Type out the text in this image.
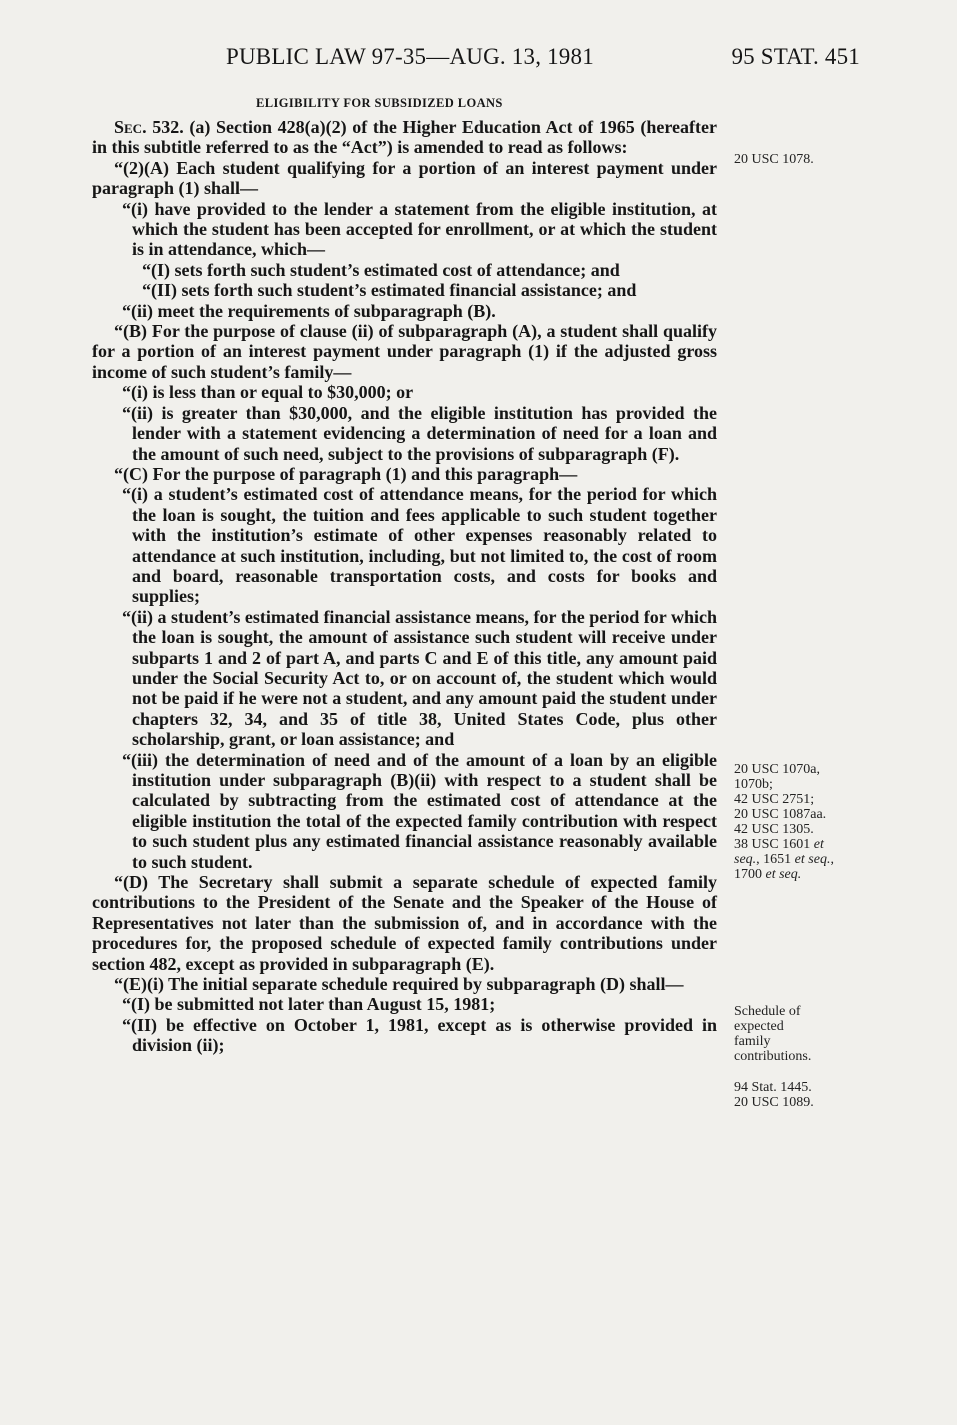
PUBLIC LAW 97-35—AUG. 13, 1981	95 STAT. 451
ELIGIBILITY FOR SUBSIDIZED LOANS

Sec. 532. (a) Section 428(a)(2) of the Higher Education Act of 1965 (hereafter in this subtitle referred to as the “Act”) is amended to read as follows:

“(2)(A) Each student qualifying for a portion of an interest payment under paragraph (1) shall—

“(i) have provided to the lender a statement from the eligible institution, at which the student has been accepted for enrollment, or at which the student is in attendance, which—

“(I) sets forth such student’s estimated cost of attendance; and

“(II) sets forth such student’s estimated financial assistance; and

“(ii) meet the requirements of subparagraph (B).

“(B) For the purpose of clause (ii) of subparagraph (A), a student shall qualify for a portion of an interest payment under paragraph (1) if the adjusted gross income of such student’s family—

“(i) is less than or equal to $30,000; or

“(ii) is greater than $30,000, and the eligible institution has provided the lender with a statement evidencing a determination of need for a loan and the amount of such need, subject to the provisions of subparagraph (F).

“(C) For the purpose of paragraph (1) and this paragraph—

“(i) a student’s estimated cost of attendance means, for the period for which the loan is sought, the tuition and fees applicable to such student together with the institution’s estimate of other expenses reasonably related to attendance at such institution, including, but not limited to, the cost of room and board, reasonable transportation costs, and costs for books and supplies;

“(ii) a student’s estimated financial assistance means, for the period for which the loan is sought, the amount of assistance such student will receive under subparts 1 and 2 of part A, and parts C and E of this title, any amount paid under the Social Security Act to, or on account of, the student which would not be paid if he were not a student, and any amount paid the student under chapters 32, 34, and 35 of title 38, United States Code, plus other scholarship, grant, or loan assistance; and

“(iii) the determination of need and of the amount of a loan by an eligible institution under subparagraph (B)(ii) with respect to a student shall be calculated by subtracting from the estimated cost of attendance at the eligible institution the total of the expected family contribution with respect to such student plus any estimated financial assistance reasonably available to such student.

“(D) The Secretary shall submit a separate schedule of expected family contributions to the President of the Senate and the Speaker of the House of Representatives not later than the submission of, and in accordance with the procedures for, the proposed schedule of expected family contributions under section 482, except as provided in subparagraph (E).

“(E)(i) The initial separate schedule required by subparagraph (D) shall—

“(I) be submitted not later than August 15, 1981;

“(II) be effective on October 1, 1981, except as is otherwise provided in division (ii);

20 USC 1078.
20 USC 1070a,
1070b;
42 USC 2751;
20 USC 1087aa.
42 USC 1305.
38 USC 1601 et
seq., 1651 et seq.,
1700 et seq.
Schedule of
expected
family
contributions.
94 Stat. 1445.
20 USC 1089.
